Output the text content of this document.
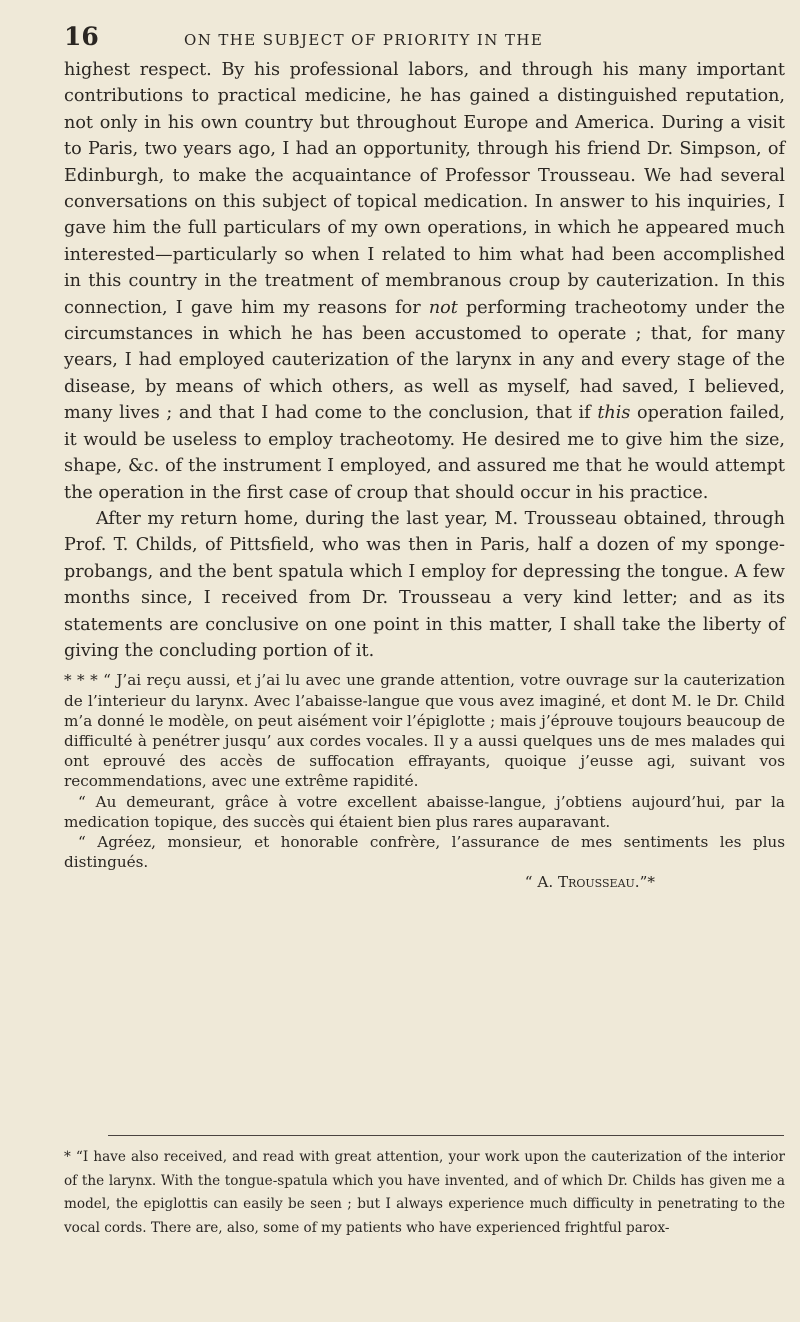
16	ON THE SUBJECT OF PRIORITY IN THE

highest respect. By his professional labors, and through his many important contributions to practical medicine, he has gained a distinguished reputation, not only in his own country but throughout Europe and America. During a visit to Paris, two years ago, I had an opportunity, through his friend Dr. Simpson, of Edinburgh, to make the acquaintance of Professor Trousseau. We had several conversations on this subject of topical medication. In answer to his inquiries, I gave him the full particulars of my own operations, in which he appeared much interested—particularly so when I related to him what had been accomplished in this country in the treatment of membranous croup by cauterization. In this connection, I gave him my reasons for not performing tracheotomy under the circumstances in which he has been accustomed to operate ; that, for many years, I had employed cauterization of the larynx in any and every stage of the disease, by means of which others, as well as myself, had saved, I believed, many lives ; and that I had come to the conclusion, that if this operation failed, it would be useless to employ tracheotomy. He desired me to give him the size, shape, &c. of the instrument I employed, and assured me that he would attempt the operation in the first case of croup that should occur in his practice.

After my return home, during the last year, M. Trousseau obtained, through Prof. T. Childs, of Pittsfield, who was then in Paris, half a dozen of my sponge-probangs, and the bent spatula which I employ for depressing the tongue. A few months since, I received from Dr. Trousseau a very kind letter; and as its statements are conclusive on one point in this matter, I shall take the liberty of giving the concluding portion of it.

* * * “ J’ai reçu aussi, et j’ai lu avec une grande attention, votre ouvrage sur la cauterization de l’interieur du larynx. Avec l’abaisse-langue que vous avez imaginé, et dont M. le Dr. Child m’a donné le modèle, on peut aisément voir l’épiglotte ; mais j’éprouve toujours beaucoup de difficulté à penétrer jusqu’ aux cordes vocales. Il y a aussi quelques uns de mes malades qui ont eprouvé des accès de suffocation effrayants, quoique j’eusse agi, suivant vos recommendations, avec une extrême rapidité.

“ Au demeurant, grâce à votre excellent abaisse-langue, j’obtiens aujourd’hui, par la medication topique, des succès qui étaient bien plus rares auparavant.

“ Agréez, monsieur, et honorable confrère, l’assurance de mes sentiments les plus distingués.

“ A. Trousseau.”*

* “I have also received, and read with great attention, your work upon the cauterization of the interior of the larynx. With the tongue-spatula which you have invented, and of which Dr. Childs has given me a model, the epiglottis can easily be seen ; but I always experience much difficulty in penetrating to the vocal cords. There are, also, some of my patients who have experienced frightful parox-
